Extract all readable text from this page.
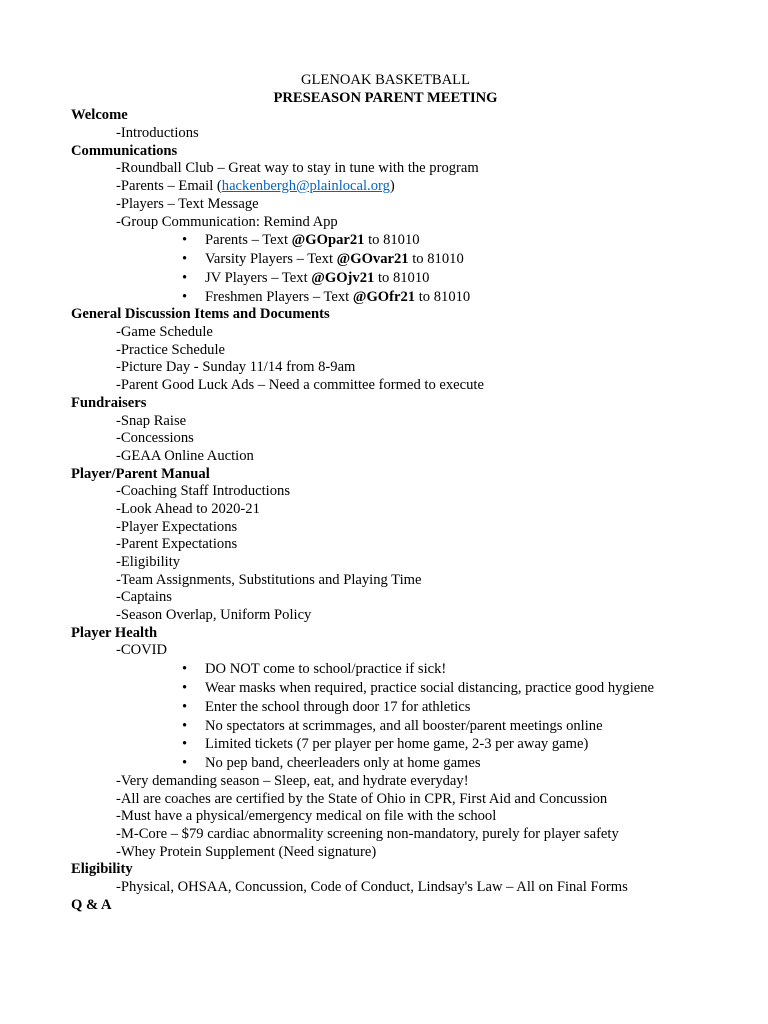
GLENOAK BASKETBALL
PRESEASON PARENT MEETING
Welcome
-Introductions
Communications
-Roundball Club – Great way to stay in tune with the program
-Parents – Email (hackenbergh@plainlocal.org)
-Players – Text Message
-Group Communication: Remind App
• Parents – Text @GOpar21 to 81010
• Varsity Players – Text @GOvar21 to 81010
• JV Players – Text @GOjv21 to 81010
• Freshmen Players – Text @GOfr21 to 81010
General Discussion Items and Documents
-Game Schedule
-Practice Schedule
-Picture Day - Sunday 11/14 from 8-9am
-Parent Good Luck Ads – Need a committee formed to execute
Fundraisers
-Snap Raise
-Concessions
-GEAA Online Auction
Player/Parent Manual
-Coaching Staff Introductions
-Look Ahead to 2020-21
-Player Expectations
-Parent Expectations
-Eligibility
-Team Assignments, Substitutions and Playing Time
-Captains
-Season Overlap, Uniform Policy
Player Health
-COVID
• DO NOT come to school/practice if sick!
• Wear masks when required, practice social distancing, practice good hygiene
• Enter the school through door 17 for athletics
• No spectators at scrimmages, and all booster/parent meetings online
• Limited tickets (7 per player per home game, 2-3 per away game)
• No pep band, cheerleaders only at home games
-Very demanding season – Sleep, eat, and hydrate everyday!
-All are coaches are certified by the State of Ohio in CPR, First Aid and Concussion
-Must have a physical/emergency medical on file with the school
-M-Core – $79 cardiac abnormality screening non-mandatory, purely for player safety
-Whey Protein Supplement (Need signature)
Eligibility
-Physical, OHSAA, Concussion, Code of Conduct, Lindsay's Law – All on Final Forms
Q & A
